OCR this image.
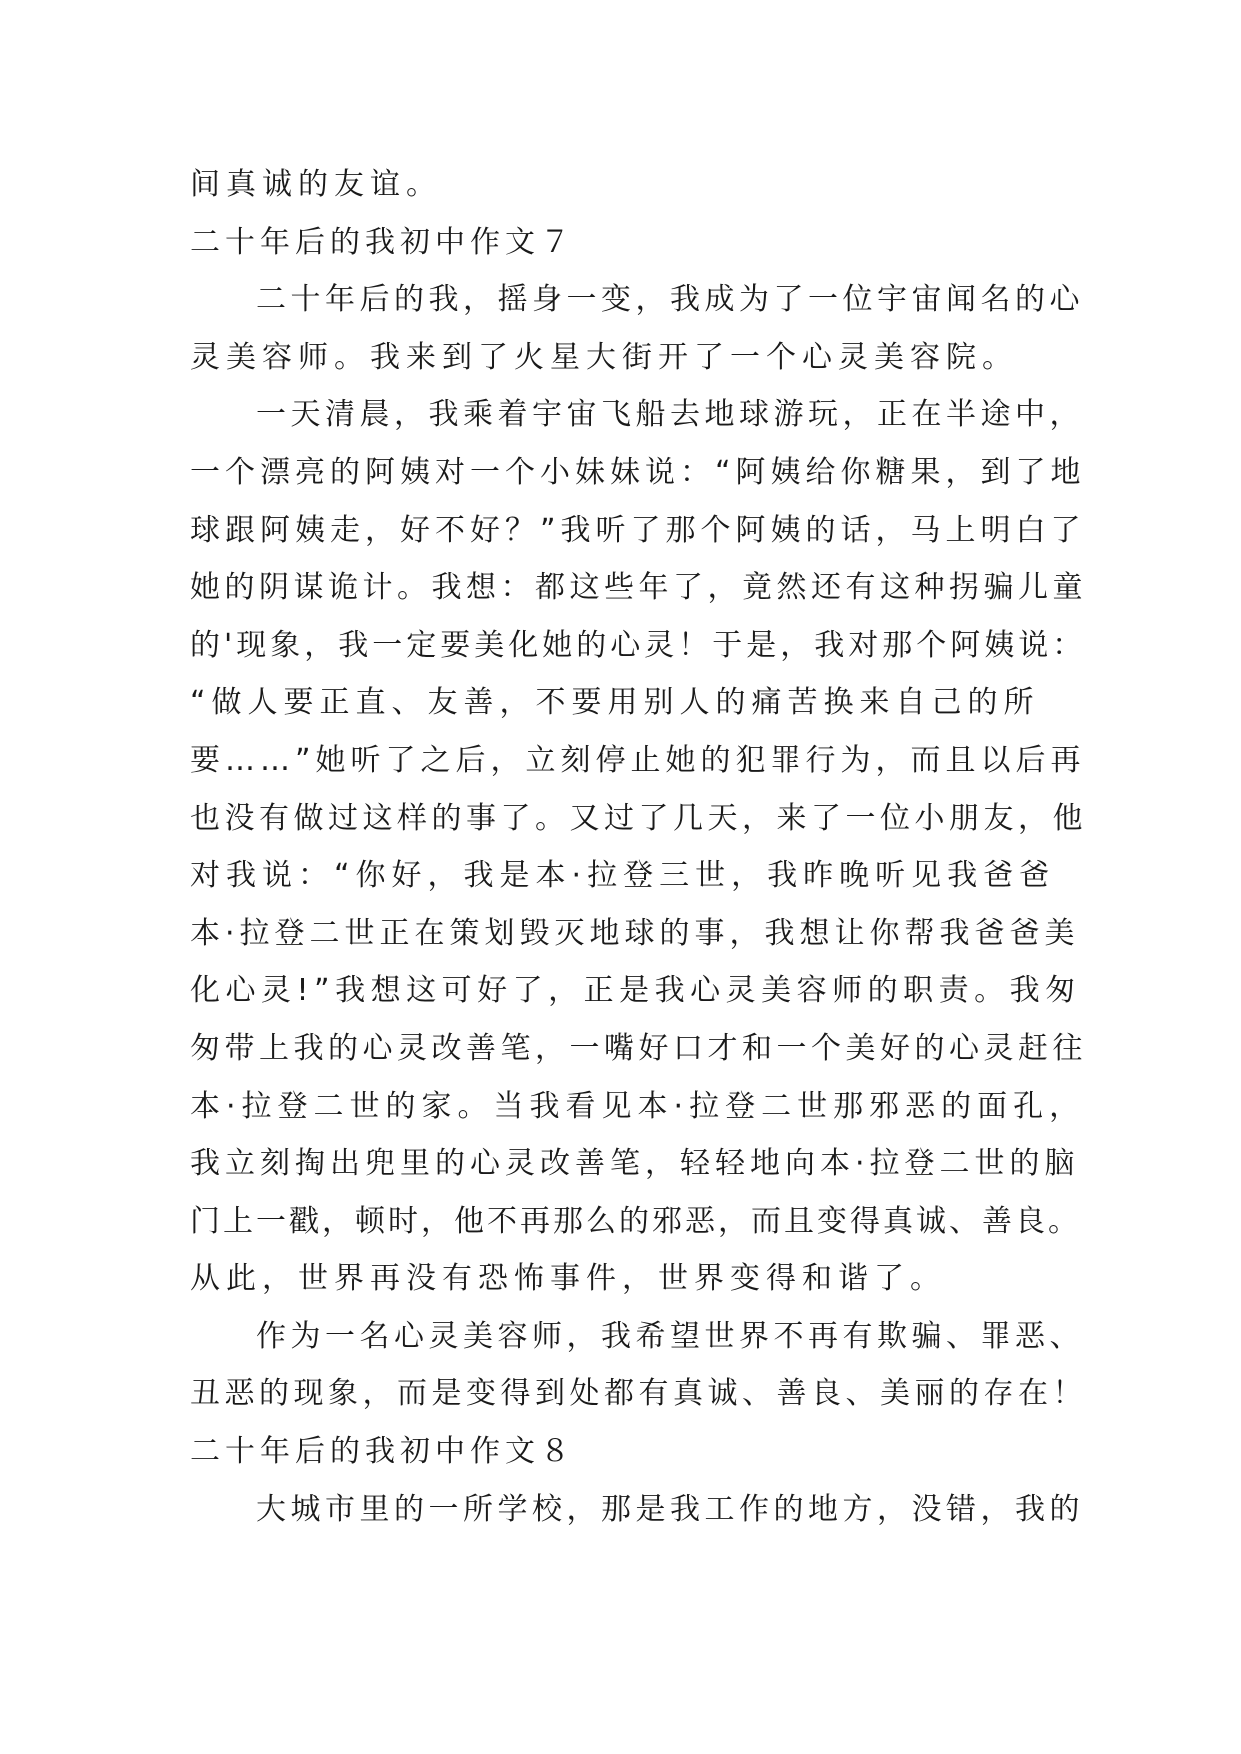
间真诚的友谊。
二十年后的我初中作文７
二十年后的我，摇身一变，我成为了一位宇宙闻名的心
灵美容师。我来到了火星大街开了一个心灵美容院。
一天清晨，我乘着宇宙飞船去地球游玩，正在半途中，
一个漂亮的阿姨对一个小妹妹说：“阿姨给你糖果，到了地
球跟阿姨走，好不好？”我听了那个阿姨的话，马上明白了
她的阴谋诡计。我想：都这些年了，竟然还有这种拐骗儿童
的'现象，我一定要美化她的心灵！于是，我对那个阿姨说：
“做人要正直、友善，不要用别人的痛苦换来自己的所
要……”她听了之后，立刻停止她的犯罪行为，而且以后再
也没有做过这样的事了。又过了几天，来了一位小朋友，他
对我说：“你好，我是本·拉登三世，我昨晚听见我爸爸
本·拉登二世正在策划毁灭地球的事，我想让你帮我爸爸美
化心灵!”我想这可好了，正是我心灵美容师的职责。我匆
匆带上我的心灵改善笔，一嘴好口才和一个美好的心灵赶往
本·拉登二世的家。当我看见本·拉登二世那邪恶的面孔，
我立刻掏出兜里的心灵改善笔，轻轻地向本·拉登二世的脑
门上一戳，顿时，他不再那么的邪恶，而且变得真诚、善良。
从此，世界再没有恐怖事件，世界变得和谐了。
作为一名心灵美容师，我希望世界不再有欺骗、罪恶、
丑恶的现象，而是变得到处都有真诚、善良、美丽的存在！
二十年后的我初中作文８
大城市里的一所学校，那是我工作的地方，没错，我的
